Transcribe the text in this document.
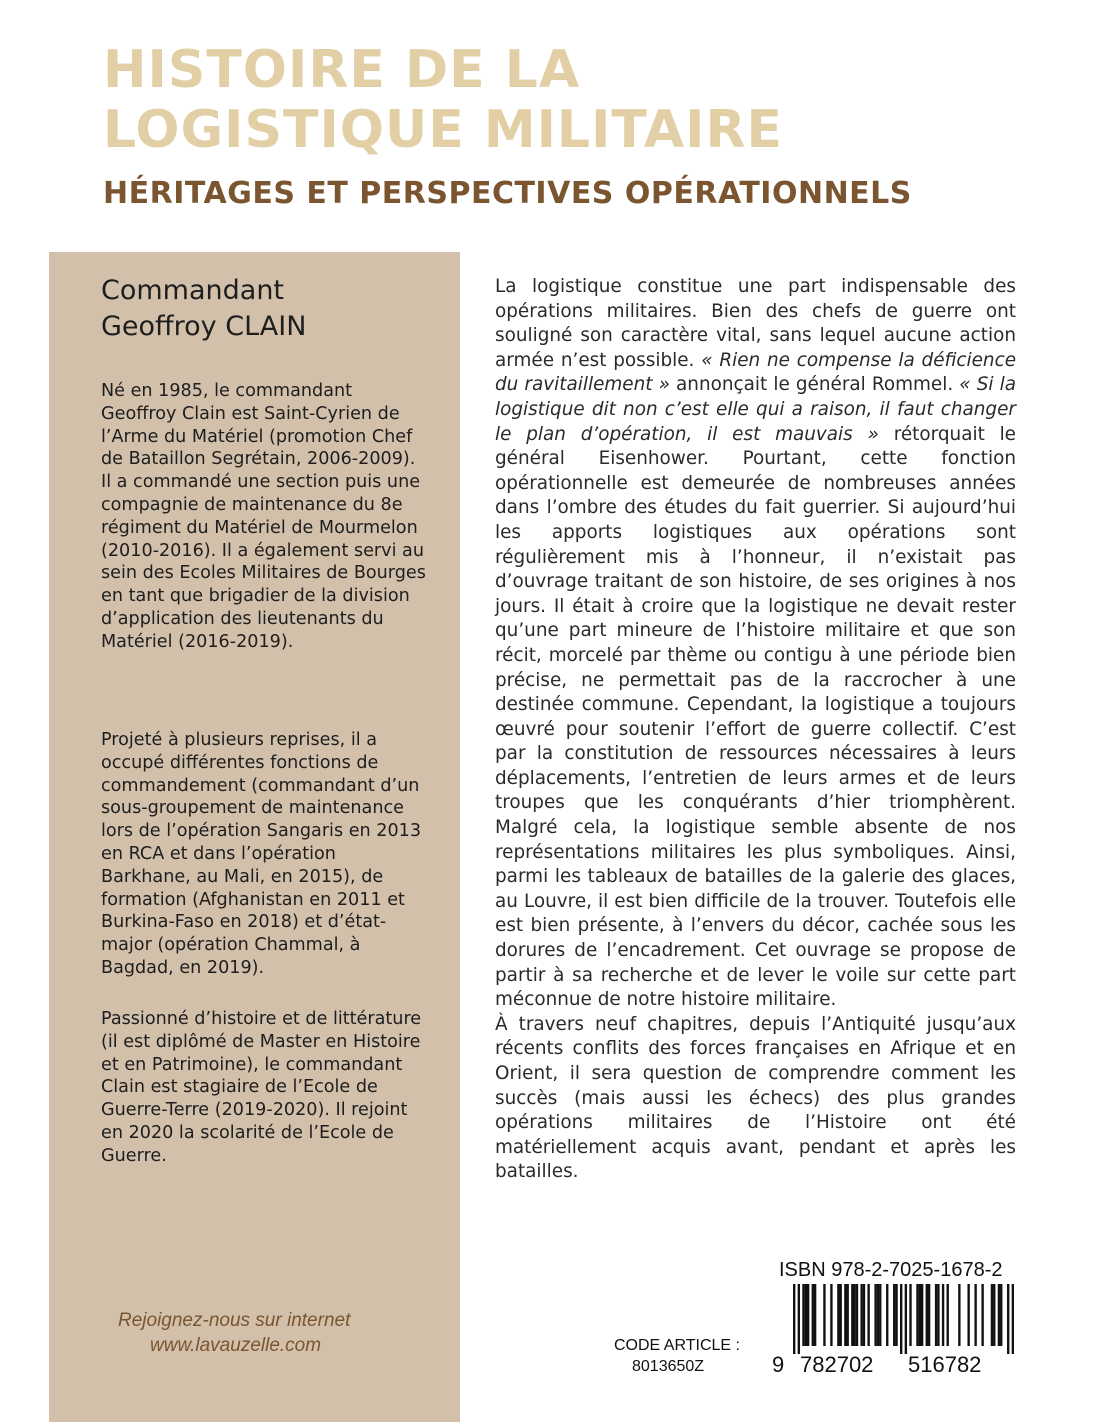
HISTOIRE DE LA
LOGISTIQUE MILITAIRE
HÉRITAGES ET PERSPECTIVES OPÉRATIONNELS
Commandant
Geoffroy CLAIN

Né en 1985, le commandant Geoffroy Clain est Saint-Cyrien de l’Arme du Matériel (promotion Chef de Bataillon Segrétain, 2006-2009). Il a commandé une section puis une compagnie de maintenance du 8e régiment du Matériel de Mourmelon (2010-2016). Il a également servi au sein des Ecoles Militaires de Bourges en tant que brigadier de la division d’application des lieutenants du Matériel (2016-2019).

Projeté à plusieurs reprises, il a occupé différentes fonctions de commandement (commandant d’un sous-groupement de maintenance lors de l’opération Sangaris en 2013 en RCA et dans l’opération Barkhane, au Mali, en 2015), de formation (Afghanistan en 2011 et Burkina-Faso en 2018) et d’état-major (opération Chammal, à Bagdad, en 2019).

Passionné d’histoire et de littérature (il est diplômé de Master en Histoire et en Patrimoine), le commandant Clain est stagiaire de l’Ecole de Guerre-Terre (2019-2020). Il rejoint en 2020 la scolarité de l’Ecole de Guerre.

Rejoignez-nous sur internet
www.lavauzelle.com

La logistique constitue une part indispensable des opérations militaires. Bien des chefs de guerre ont souligné son caractère vital, sans lequel aucune action armée n’est possible. « Rien ne compense la déficience du ravitaillement » annonçait le général Rommel. « Si la logistique dit non c’est elle qui a raison, il faut changer le plan d’opération, il est mauvais » rétorquait le général Eisenhower. Pourtant, cette fonction opérationnelle est demeurée de nombreuses années dans l’ombre des études du fait guerrier. Si aujourd’hui les apports logistiques aux opérations sont régulièrement mis à l’honneur, il n’existait pas d’ouvrage traitant de son histoire, de ses origines à nos jours. Il était à croire que la logistique ne devait rester qu’une part mineure de l’histoire militaire et que son récit, morcelé par thème ou contigu à une période bien précise, ne permettait pas de la raccrocher à une destinée commune. Cependant, la logistique a toujours œuvré pour soutenir l’effort de guerre collectif. C’est par la constitution de ressources nécessaires à leurs déplacements, l’entretien de leurs armes et de leurs troupes que les conquérants d’hier triomphèrent. Malgré cela, la logistique semble absente de nos représentations militaires les plus symboliques. Ainsi, parmi les tableaux de batailles de la galerie des glaces, au Louvre, il est bien difficile de la trouver. Toutefois elle est bien présente, à l’envers du décor, cachée sous les dorures de l’encadrement. Cet ouvrage se propose de partir à sa recherche et de lever le voile sur cette part méconnue de notre histoire militaire.

À travers neuf chapitres, depuis l’Antiquité jusqu’aux récents conflits des forces françaises en Afrique et en Orient, il sera question de comprendre comment les succès (mais aussi les échecs) des plus grandes opérations militaires de l’Histoire ont été matériellement acquis avant, pendant et après les batailles.

ISBN 978-2-7025-1678-2
9 782702 516782
CODE ARTICLE :
8013650Z
